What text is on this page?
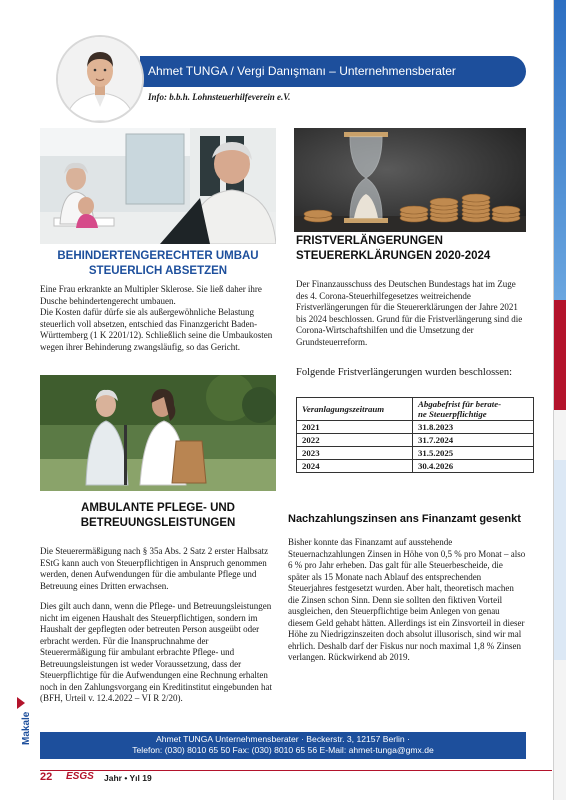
Ahmet TUNGA / Vergi Danışmanı – Unternehmensberater
Info: b.b.h. Lohnsteuerhilfeverein e.V.
BEHINDERTENGERECHTER UMBAU
STEUERLICH ABSETZEN

Eine Frau erkrankte an Multipler Sklerose. Sie ließ daher ihre Dusche behindertengerecht umbauen.

Die Kosten dafür dürfe sie als außergewöhnliche Belastung steuerlich voll absetzen, entschied das Finanzgericht Baden-Württemberg (1 K 2201/12). Schließlich seine die Umbaukosten wegen ihrer Behinderung zwangsläufig, so das Gericht.

AMBULANTE PFLEGE- UND
BETREUUNGSLEISTUNGEN

Die Steuerermäßigung nach § 35a Abs. 2 Satz 2 erster Halbsatz EStG kann auch von Steuerpflichtigen in Anspruch genommen werden, denen Aufwendungen für die ambulante Pflege und Betreuung eines Dritten erwachsen.

Dies gilt auch dann, wenn die Pflege- und Betreuungsleistungen nicht im eigenen Haushalt des Steuerpflichtigen, sondern im Haushalt der gepflegten oder betreuten Person ausgeübt oder erbracht werden. Für die Inanspruchnahme der Steuerermäßigung für ambulant erbrachte Pflege- und Betreuungsleistungen ist weder Voraussetzung, dass der Steuerpflichtige für die Aufwendungen eine Rechnung erhalten noch in den Zahlungsvorgang ein Kreditinstitut eingebunden hat (BFH, Urteil v. 12.4.2022 – VI R 2/20).

FRISTVERLÄNGERUNGEN
STEUERERKLÄRUNGEN 2020-2024

Der Finanzausschuss des Deutschen Bundestags hat im Zuge des 4. Corona-Steuerhilfegesetzes weitreichende Fristverlängerungen für die Steuererklärungen der Jahre 2021 bis 2024 beschlossen. Grund für die Fristverlängerung sind die Corona-Wirtschaftshilfen und die Umsetzung der Grundsteuerreform.

Folgende Fristverlängerungen wurden beschlossen:
Veranlagungszeitraum	Abgabefrist für berate-
ne Steuerpflichtige

2021	31.8.2023
2022	31.7.2024
2023	31.5.2025
2024	30.4.2026
Nachzahlungszinsen ans Finanzamt gesenkt

Bisher konnte das Finanzamt auf ausstehende Steuernachzahlungen Zinsen in Höhe von 0,5 % pro Monat – also 6 % pro Jahr erheben. Das galt für alle Steuerbescheide, die später als 15 Monate nach Ablauf des entsprechenden Steuerjahres festgesetzt wurden. Aber halt, theoretisch machen die Zinsen schon Sinn. Denn sie sollten den fiktiven Vorteil ausgleichen, den Steuerpflichtige beim Anlegen von genau diesem Geld gehabt hätten. Allerdings ist ein Zinsvorteil in dieser Höhe zu Niedrigzinszeiten doch absolut illusorisch, sind wir mal ehrlich. Deshalb darf der Fiskus nur noch maximal 1,8 % Zinsen verlangen. Rückwirkend ab 2019.

Makale	Ahmet TUNGA Unternehmensberater · Beckerstr. 3, 12157 Berlin ·
Telefon: (030) 8010 65 50 Fax: (030) 8010 65 56 E-Mail: ahmet-tunga@gmx.de
22 ESGS Jahr • Yıl 19
